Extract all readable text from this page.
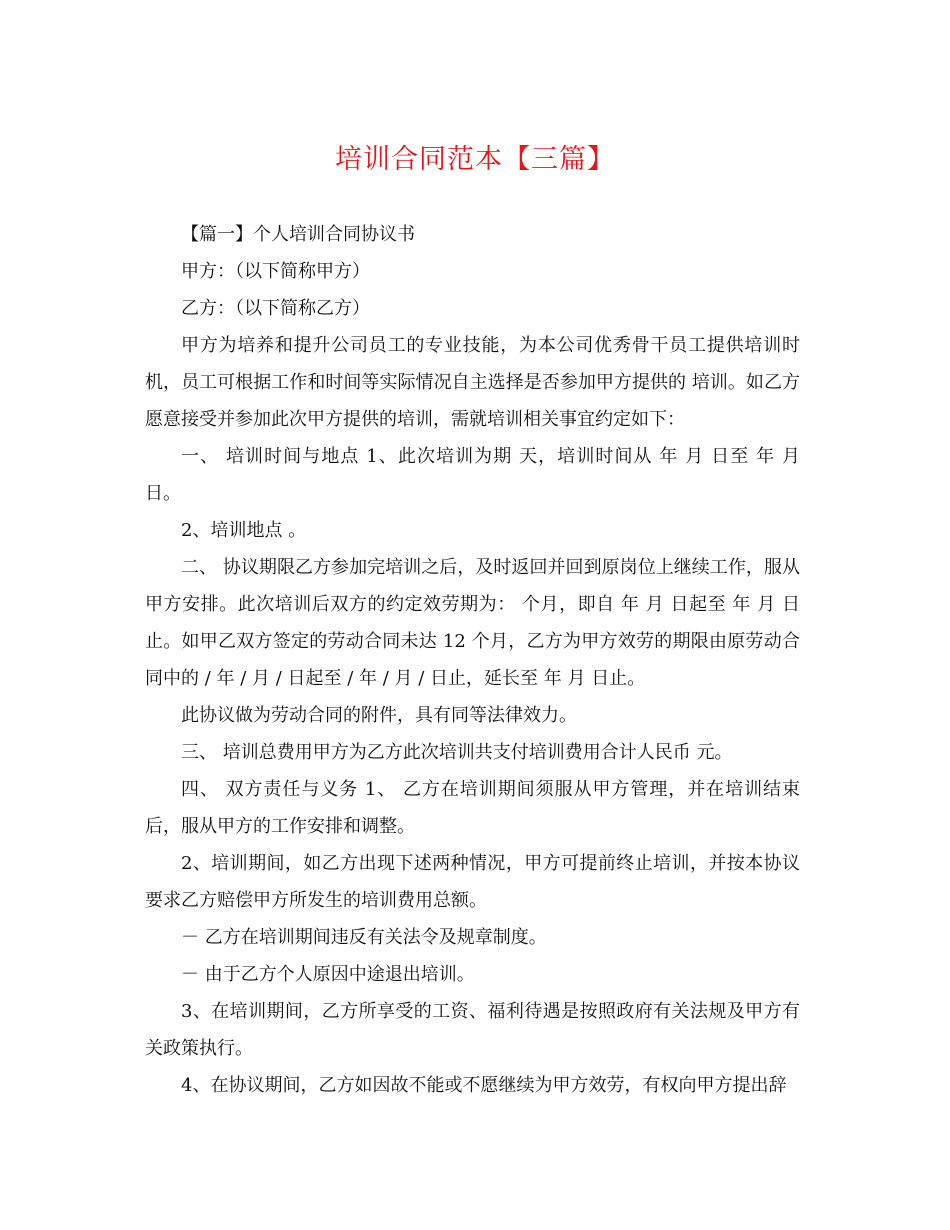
培训合同范本【三篇】

【篇一】个人培训合同协议书

甲方：（以下简称甲方）

乙方：（以下简称乙方）

甲方为培养和提升公司员工的专业技能，为本公司优秀骨干员工提供培训时机，员工可根据工作和时间等实际情况自主选择是否参加甲方提供的 培训。如乙方愿意接受并参加此次甲方提供的培训，需就培训相关事宜约定如下：

一、 培训时间与地点 1、此次培训为期 天，培训时间从 年 月 日至 年 月 日。

2、培训地点 。

二、 协议期限乙方参加完培训之后，及时返回并回到原岗位上继续工作，服从甲方安排。此次培训后双方的约定效劳期为： 个月，即自 年 月 日起至 年 月 日止。如甲乙双方签定的劳动合同未达 12 个月，乙方为甲方效劳的期限由原劳动合同中的 / 年 / 月 / 日起至 / 年 / 月 / 日止，延长至 年 月 日止。

此协议做为劳动合同的附件，具有同等法律效力。

三、 培训总费用甲方为乙方此次培训共支付培训费用合计人民币 元。

四、 双方责任与义务 1、 乙方在培训期间须服从甲方管理，并在培训结束后，服从甲方的工作安排和调整。

2、培训期间，如乙方出现下述两种情况，甲方可提前终止培训，并按本协议要求乙方赔偿甲方所发生的培训费用总额。

－ 乙方在培训期间违反有关法令及规章制度。

－ 由于乙方个人原因中途退出培训。

3、在培训期间，乙方所享受的工资、福利待遇是按照政府有关法规及甲方有关政策执行。

4、在协议期间，乙方如因故不能或不愿继续为甲方效劳，有权向甲方提出辞
